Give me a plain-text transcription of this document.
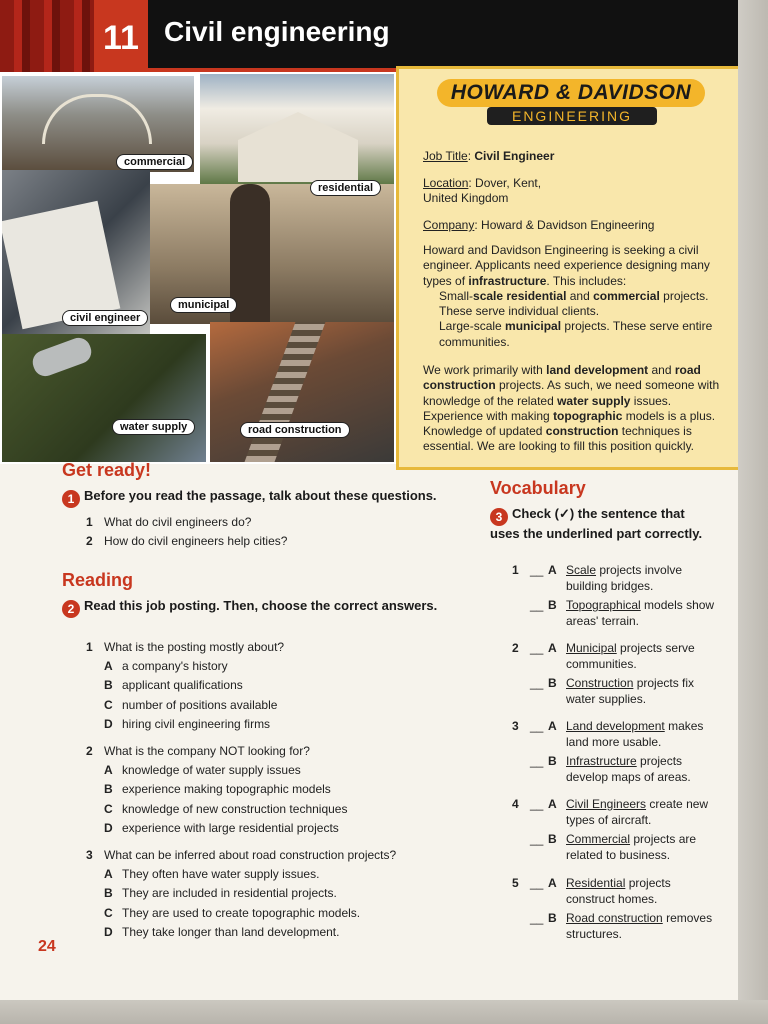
11 Civil engineering
commercial
residential
civil engineer
municipal
water supply	road construction
HOWARD & DAVIDSON
ENGINEERING
Job Title: Civil Engineer
Location: Dover, Kent,
United Kingdom
Company: Howard & Davidson Engineering

Howard and Davidson Engineering is seeking a civil engineer. Applicants need experience designing many types of infrastructure. This includes:
Small-scale residential and commercial projects.
These serve individual clients.
Large-scale municipal projects. These serve entire communities.

We work primarily with land development and road construction projects. As such, we need someone with knowledge of the related water supply issues. Experience with making topographic models is a plus. Knowledge of updated construction techniques is essential. We are looking to fill this position quickly.

Get ready!
1 Before you read the passage, talk about these questions.
1 What do civil engineers do?
2 How do civil engineers help cities?
Reading
2 Read this job posting. Then, choose the correct answers.
1 What is the posting mostly about?
A a company's history
B applicant qualifications
C number of positions available
D hiring civil engineering firms
2 What is the company NOT looking for?
A knowledge of water supply issues
B experience making topographic models
C knowledge of new construction techniques
D experience with large residential projects
3 What can be inferred about road construction projects?
A They often have water supply issues.
B They are included in residential projects.
C They are used to create topographic models.
D They take longer than land development.
24
Vocabulary
3 Check (✓) the sentence that uses the underlined part correctly.
1 __ A Scale projects involve building bridges.
__ B Topographical models show areas' terrain.
2 __ A Municipal projects serve communities.
__ B Construction projects fix water supplies.
3 __ A Land development makes land more usable.
__ B Infrastructure projects develop maps of areas.
4 __ A Civil Engineers create new types of aircraft.
__ B Commercial projects are related to business.
5 __ A Residential projects construct homes.
__ B Road construction removes structures.
